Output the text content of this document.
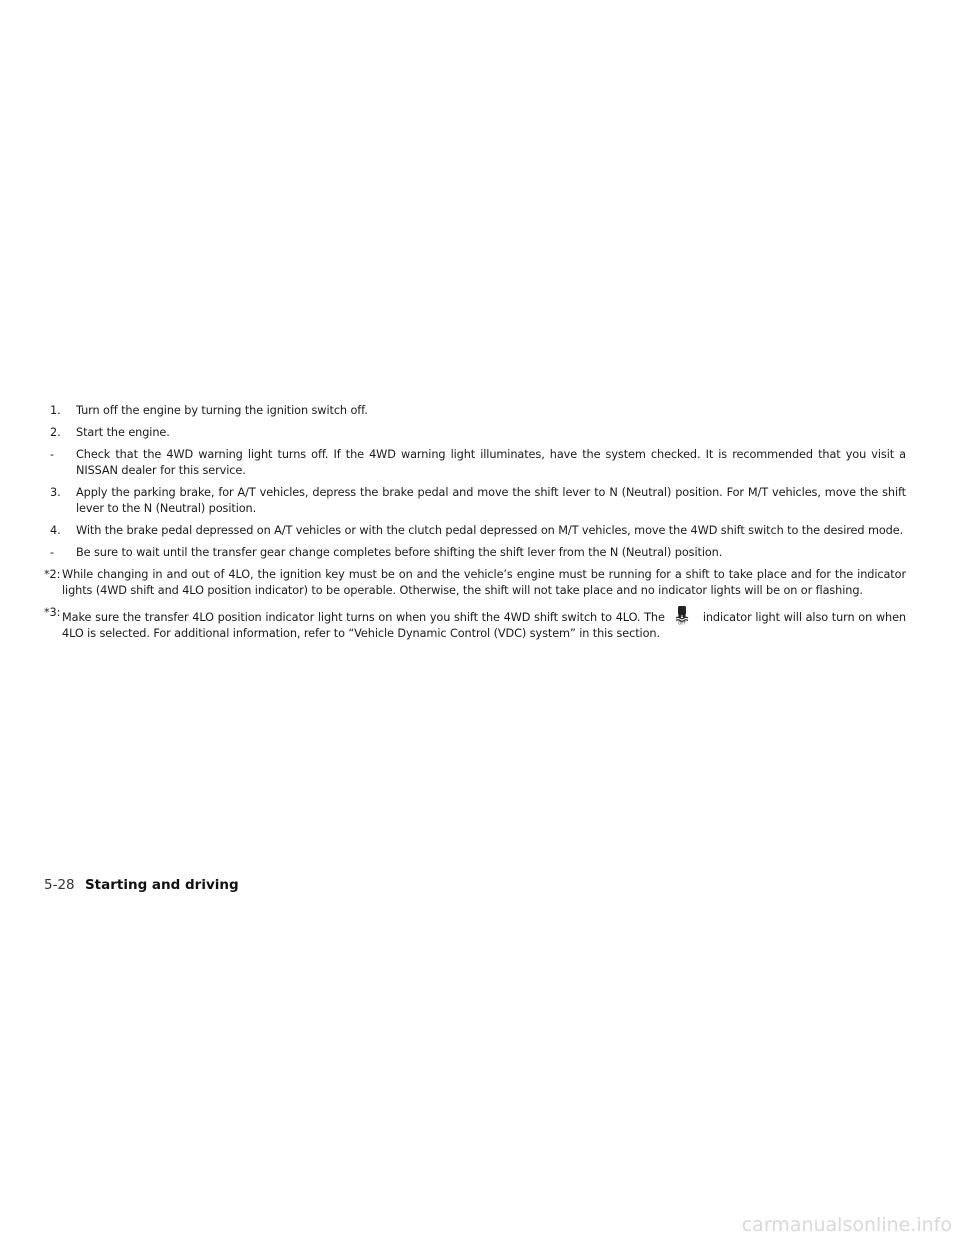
1. Turn off the engine by turning the ignition switch off.
2. Start the engine.
- Check that the 4WD warning light turns off. If the 4WD warning light illuminates, have the system checked. It is recommended that you visit a NISSAN dealer for this service.
3. Apply the parking brake, for A/T vehicles, depress the brake pedal and move the shift lever to N (Neutral) position. For M/T vehicles, move the shift lever to the N (Neutral) position.
4. With the brake pedal depressed on A/T vehicles or with the clutch pedal depressed on M/T vehicles, move the 4WD shift switch to the desired mode.
- Be sure to wait until the transfer gear change completes before shifting the shift lever from the N (Neutral) position.
*2: While changing in and out of 4LO, the ignition key must be on and the vehicle’s engine must be running for a shift to take place and for the indicator lights (4WD shift and 4LO position indicator) to be operable. Otherwise, the shift will not take place and no indicator lights will be on or flashing.
*3: Make sure the transfer 4LO position indicator light turns on when you shift the 4WD shift switch to 4LO. The	OFF indicator light will also turn on when 4LO is selected. For additional information, refer to “Vehicle Dynamic Control (VDC) system” in this section.
5-28 Starting and driving
carmanualsonline.info
